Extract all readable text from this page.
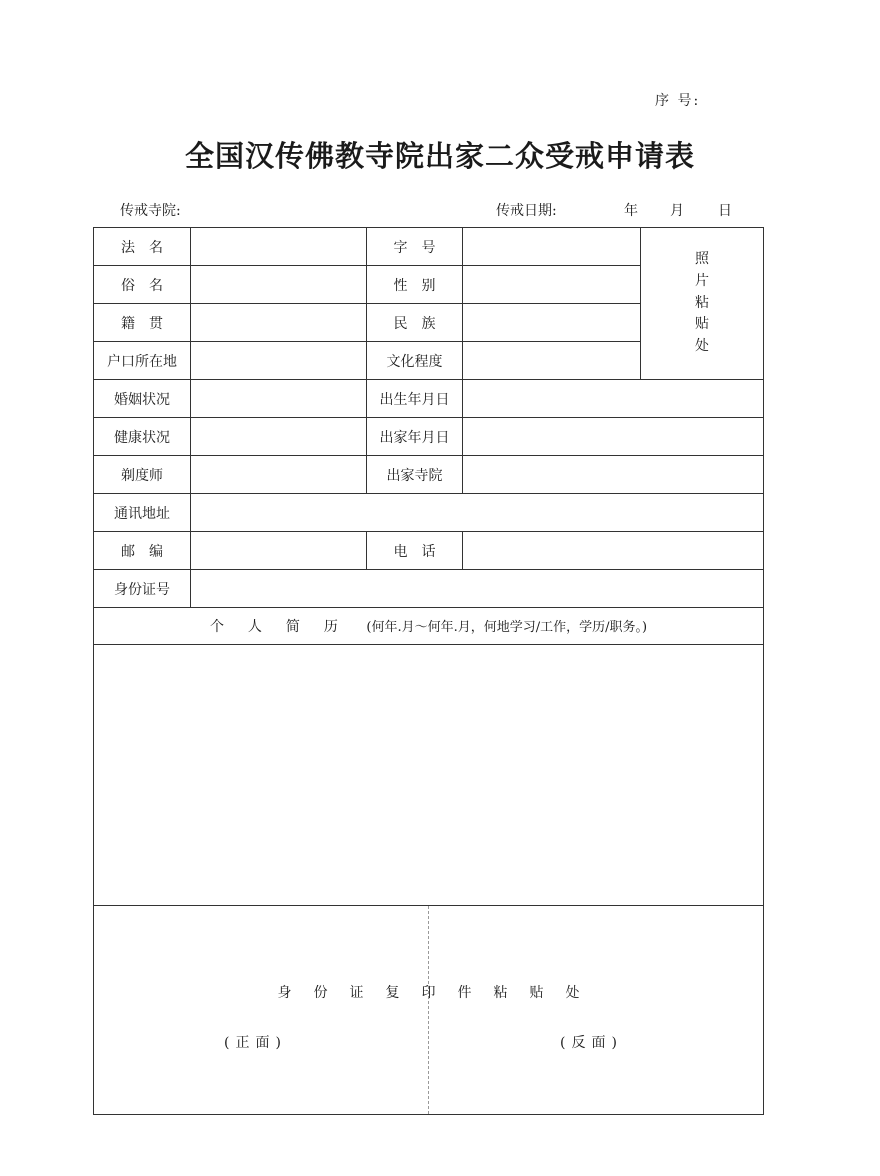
序 号:
全国汉传佛教寺院出家二众受戒申请表
传戒寺院:	传戒日期:	年 月 日
法　名		字　号		照
片
粘
贴
处

俗　名		性　别		
籍　贯		民　族		
户口所在地		文化程度		
婚姻状况		出生年月日		
健康状况		出家年月日		
剃度师		出家寺院		
通讯地址				
邮　编		电　话		
身份证号				
个人简历 (何年.月～何年.月，何地学习/工作，学历/职务。)				

身份证复印件粘贴处
(正面) (反面)				
